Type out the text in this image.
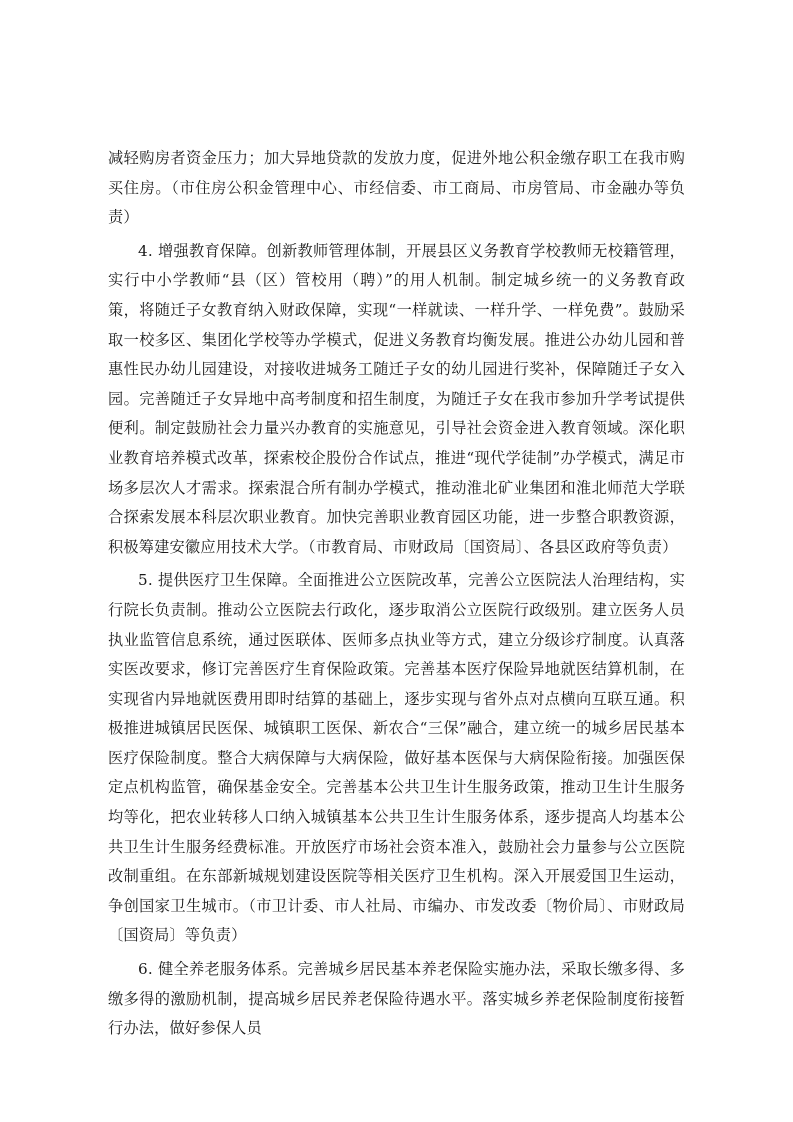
减轻购房者资金压力；加大异地贷款的发放力度，促进外地公积金缴存职工在我市购买住房。（市住房公积金管理中心、市经信委、市工商局、市房管局、市金融办等负责）

4. 增强教育保障。创新教师管理体制，开展县区义务教育学校教师无校籍管理，实行中小学教师“县（区）管校用（聘）”的用人机制。制定城乡统一的义务教育政策，将随迁子女教育纳入财政保障，实现“一样就读、一样升学、一样免费”。鼓励采取一校多区、集团化学校等办学模式，促进义务教育均衡发展。推进公办幼儿园和普惠性民办幼儿园建设，对接收进城务工随迁子女的幼儿园进行奖补，保障随迁子女入园。完善随迁子女异地中高考制度和招生制度，为随迁子女在我市参加升学考试提供便利。制定鼓励社会力量兴办教育的实施意见，引导社会资金进入教育领域。深化职业教育培养模式改革，探索校企股份合作试点，推进“现代学徒制”办学模式，满足市场多层次人才需求。探索混合所有制办学模式，推动淮北矿业集团和淮北师范大学联合探索发展本科层次职业教育。加快完善职业教育园区功能，进一步整合职教资源，积极筹建安徽应用技术大学。（市教育局、市财政局〔国资局〕、各县区政府等负责）

5. 提供医疗卫生保障。全面推进公立医院改革，完善公立医院法人治理结构，实行院长负责制。推动公立医院去行政化，逐步取消公立医院行政级别。建立医务人员执业监管信息系统，通过医联体、医师多点执业等方式，建立分级诊疗制度。认真落实医改要求，修订完善医疗生育保险政策。完善基本医疗保险异地就医结算机制，在实现省内异地就医费用即时结算的基础上，逐步实现与省外点对点横向互联互通。积极推进城镇居民医保、城镇职工医保、新农合“三保”融合，建立统一的城乡居民基本医疗保险制度。整合大病保障与大病保险，做好基本医保与大病保险衔接。加强医保定点机构监管，确保基金安全。完善基本公共卫生计生服务政策，推动卫生计生服务均等化，把农业转移人口纳入城镇基本公共卫生计生服务体系，逐步提高人均基本公共卫生计生服务经费标准。开放医疗市场社会资本准入，鼓励社会力量参与公立医院改制重组。在东部新城规划建设医院等相关医疗卫生机构。深入开展爱国卫生运动，争创国家卫生城市。（市卫计委、市人社局、市编办、市发改委〔物价局〕、市财政局〔国资局〕等负责）

6. 健全养老服务体系。完善城乡居民基本养老保险实施办法，采取长缴多得、多缴多得的激励机制，提高城乡居民养老保险待遇水平。落实城乡养老保险制度衔接暂行办法，做好参保人员
